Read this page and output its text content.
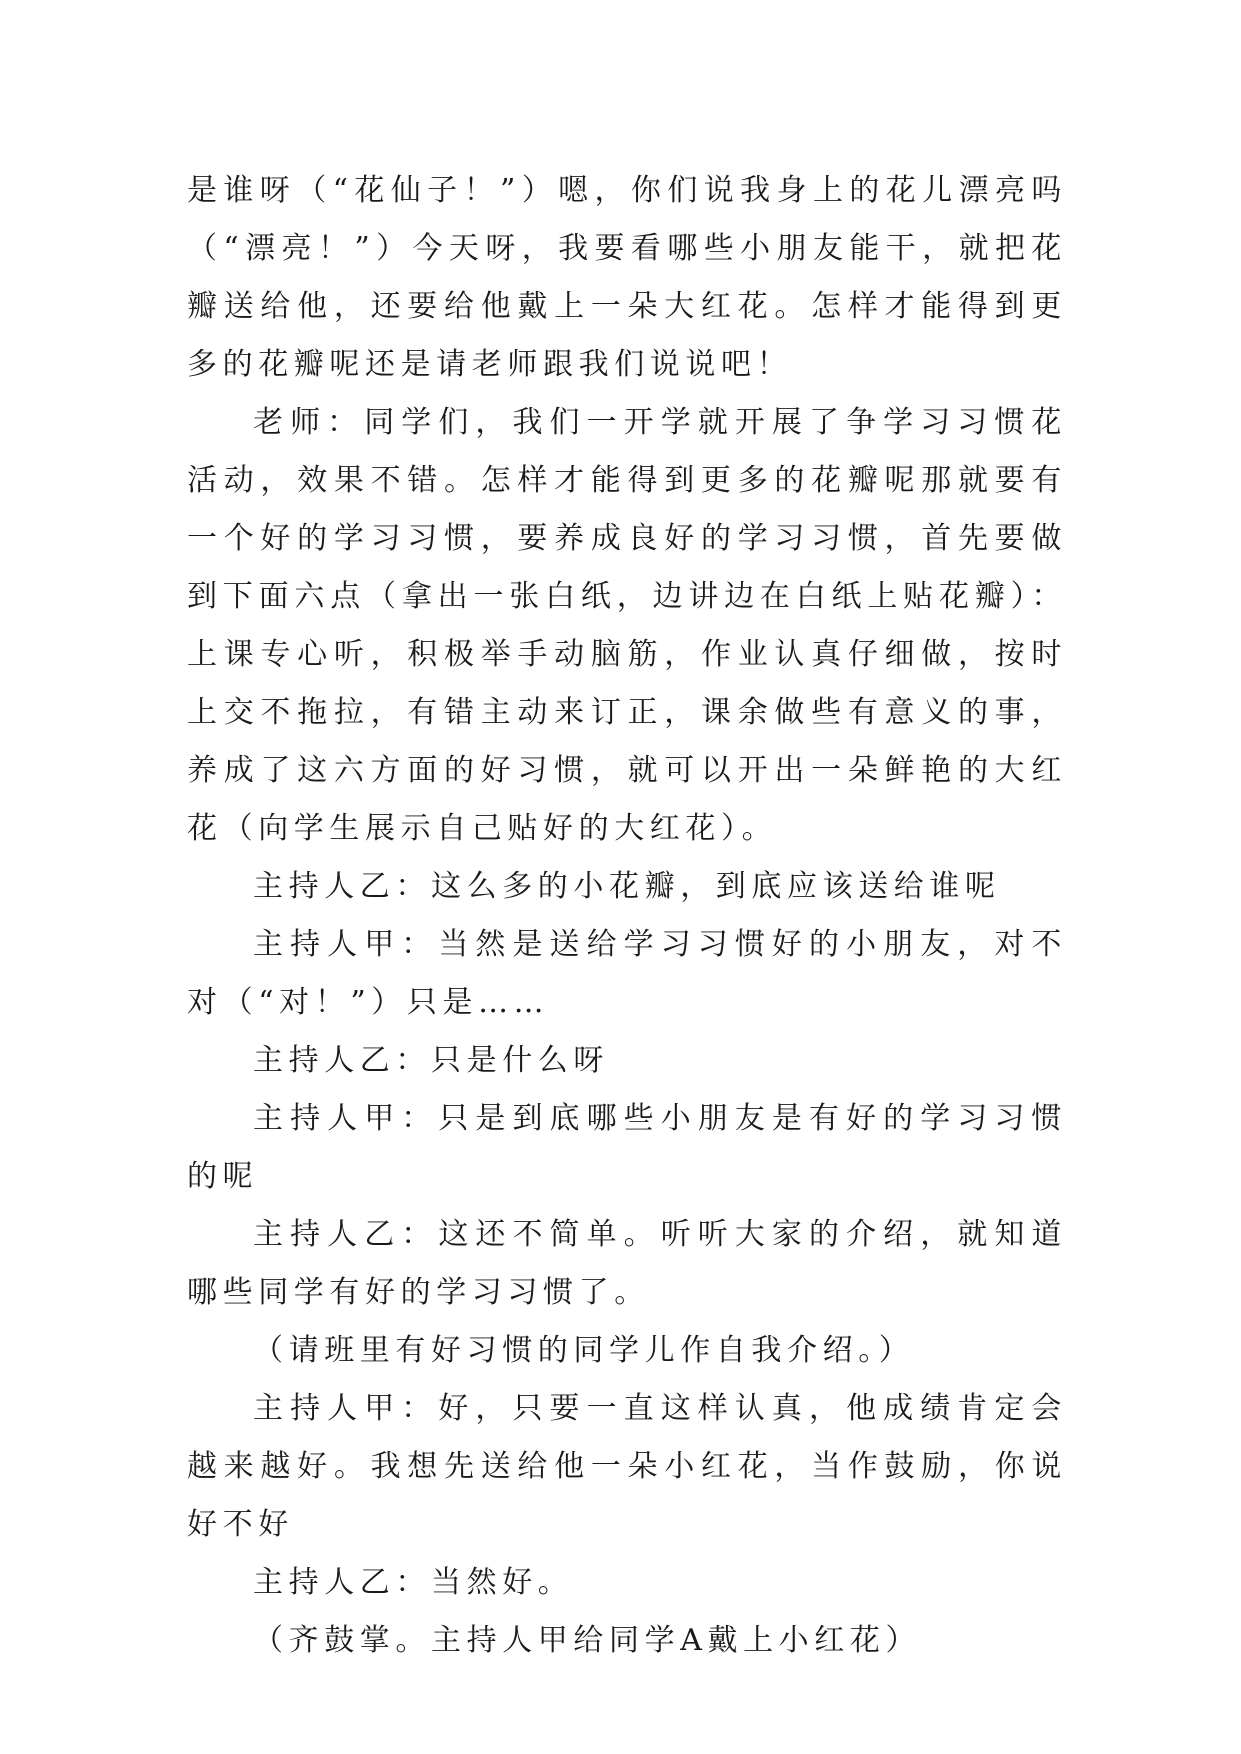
是谁呀（“花仙子！”）嗯，你们说我身上的花儿漂亮吗（“漂亮！”）今天呀，我要看哪些小朋友能干，就把花瓣送给他，还要给他戴上一朵大红花。怎样才能得到更多的花瓣呢还是请老师跟我们说说吧！

老师：同学们，我们一开学就开展了争学习习惯花活动，效果不错。怎样才能得到更多的花瓣呢那就要有一个好的学习习惯，要养成良好的学习习惯，首先要做到下面六点（拿出一张白纸，边讲边在白纸上贴花瓣）：上课专心听，积极举手动脑筋，作业认真仔细做，按时上交不拖拉，有错主动来订正，课余做些有意义的事，养成了这六方面的好习惯，就可以开出一朵鲜艳的大红花（向学生展示自己贴好的大红花）。

主持人乙：这么多的小花瓣，到底应该送给谁呢

主持人甲：当然是送给学习习惯好的小朋友，对不对（“对！”）只是……

主持人乙：只是什么呀

主持人甲：只是到底哪些小朋友是有好的学习习惯的呢

主持人乙：这还不简单。听听大家的介绍，就知道哪些同学有好的学习习惯了。

（请班里有好习惯的同学儿作自我介绍。）

主持人甲：好，只要一直这样认真，他成绩肯定会越来越好。我想先送给他一朵小红花，当作鼓励，你说好不好

主持人乙：当然好。

（齐鼓掌。主持人甲给同学A戴上小红花）
